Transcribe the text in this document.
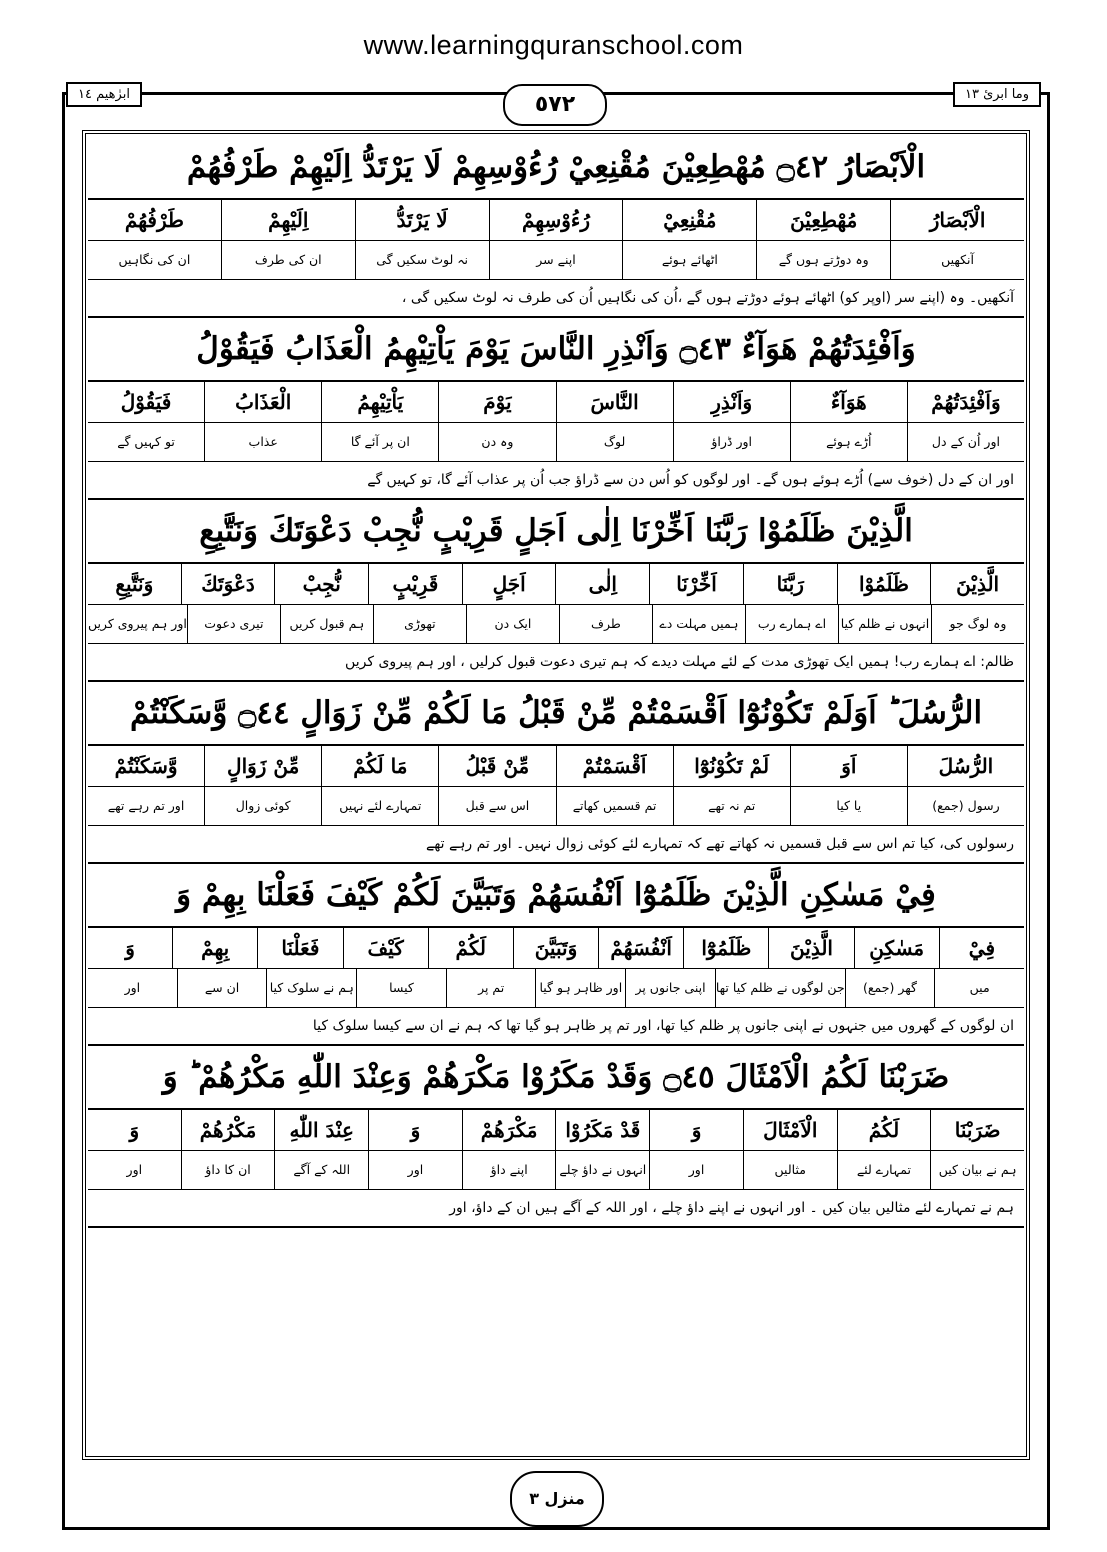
www.learningquranschool.com
وما ابرئ ١٣
ابرٰهیم ١٤	٥٧٢
الْاَبْصَارُ ۝٤٢ مُهْطِعِيْنَ مُقْنِعِيْ رُءُوْسِهِمْ لَا يَرْتَدُّ اِلَيْهِمْ طَرْفُهُمْ
الْاَبْصَارُ
مُهْطِعِيْنَ
مُقْنِعِيْ
رُءُوْسِهِمْ
لَا يَرْتَدُّ
اِلَيْهِمْ
طَرْفُهُمْ
آنکھیں
وہ دوڑتے ہوں گے
اٹھائے ہوئے
اپنے سر
نہ لوٹ سکیں گی
ان کی طرف
ان کی نگاہیں
آنکھیں۔ وہ (اپنے سر (اوپر کو) اٹھائے ہوئے دوڑتے ہوں گے ،اُن کی نگاہیں اُن کی طرف نہ لوٹ سکیں گی ،
وَاَفْئِدَتُهُمْ هَوَآءٌ ۝٤٣ وَاَنْذِرِ النَّاسَ يَوْمَ يَاْتِيْهِمُ الْعَذَابُ فَيَقُوْلُ
وَاَفْئِدَتُهُمْ
هَوَآءٌ
وَاَنْذِرِ
النَّاسَ
يَوْمَ
يَاْتِيْهِمُ
الْعَذَابُ
فَيَقُوْلُ
اور اُن کے دل
اُڑے ہوئے
اور ڈراؤ
لوگ
وہ دن
ان پر آئے گا
عذاب
تو کہیں گے
اور ان کے دل (خوف سے) اُڑے ہوئے ہوں گے۔ اور لوگوں کو اُس دن سے ڈراؤ جب اُن پر عذاب آئے گا، تو کہیں گے
الَّذِيْنَ ظَلَمُوْا رَبَّنَا اَخِّرْنَا اِلٰى اَجَلٍ قَرِيْبٍ نُّجِبْ دَعْوَتَكَ وَنَتَّبِعِ
الَّذِيْنَ
ظَلَمُوْا
رَبَّنَا
اَخِّرْنَا
اِلٰى
اَجَلٍ
قَرِيْبٍ
نُّجِبْ
دَعْوَتَكَ
وَنَتَّبِعِ
وہ لوگ جو
انہوں نے ظلم کیا
اے ہمارے رب
ہمیں مہلت دے
طرف
ایک دن
تھوڑی
ہم قبول کریں
تیری دعوت
اور ہم پیروی کریں
ظالم: اے ہمارے رب! ہمیں ایک تھوڑی مدت کے لئے مہلت دیدے کہ ہم تیری دعوت قبول کرلیں ، اور ہم پیروی کریں
الرُّسُلَ ؕ اَوَلَمْ تَكُوْنُوْٓا اَقْسَمْتُمْ مِّنْ قَبْلُ مَا لَكُمْ مِّنْ زَوَالٍ ۝٤٤ وَّسَكَنْتُمْ
الرُّسُلَ
اَوَ
لَمْ تَكُوْنُوْٓا
اَقْسَمْتُمْ
مِّنْ قَبْلُ
مَا لَكُمْ
مِّنْ زَوَالٍ
وَّسَكَنْتُمْ
رسول (جمع)
یا کیا
تم نہ تھے
تم قسمیں کھاتے
اس سے قبل
تمہارے لئے نہیں
کوئی زوال
اور تم رہے تھے
رسولوں کی، کیا تم اس سے قبل قسمیں نہ کھاتے تھے کہ تمہارے لئے کوئی زوال نہیں۔ اور تم رہے تھے
فِيْ مَسٰكِنِ الَّذِيْنَ ظَلَمُوْٓا اَنْفُسَهُمْ وَتَبَيَّنَ لَكُمْ كَيْفَ فَعَلْنَا بِهِمْ وَ
فِيْ
مَسٰكِنِ
الَّذِيْنَ
ظَلَمُوْٓا
اَنْفُسَهُمْ
وَتَبَيَّنَ
لَكُمْ
كَيْفَ
فَعَلْنَا
بِهِمْ
وَ
میں
گھر (جمع)
جن لوگوں نے ظلم کیا تھا
اپنی جانوں پر
اور ظاہر ہو گیا
تم پر
کیسا
ہم نے سلوک کیا
ان سے
اور
ان لوگوں کے گھروں میں جنہوں نے اپنی جانوں پر ظلم کیا تھا، اور تم پر ظاہر ہو گیا تھا کہ ہم نے ان سے کیسا سلوک کیا
ضَرَبْنَا لَكُمُ الْاَمْثَالَ ۝٤٥ وَقَدْ مَكَرُوْا مَكْرَهُمْ وَعِنْدَ اللّٰهِ مَكْرُهُمْ ؕ وَ
ضَرَبْنَا
لَكُمُ
الْاَمْثَالَ
وَ
قَدْ مَكَرُوْا
مَكْرَهُمْ
وَ
عِنْدَ اللّٰهِ
مَكْرُهُمْ
وَ
ہم نے بیان کیں
تمہارے لئے
مثالیں
اور
انہوں نے داؤ چلے
اپنے داؤ
اور
اللہ کے آگے
ان کا داؤ
اور
ہم نے تمہارے لئے مثالیں بیان کیں ۔ اور انہوں نے اپنے داؤ چلے ، اور اللہ کے آگے ہیں ان کے داؤ، اور
منزل ٣
